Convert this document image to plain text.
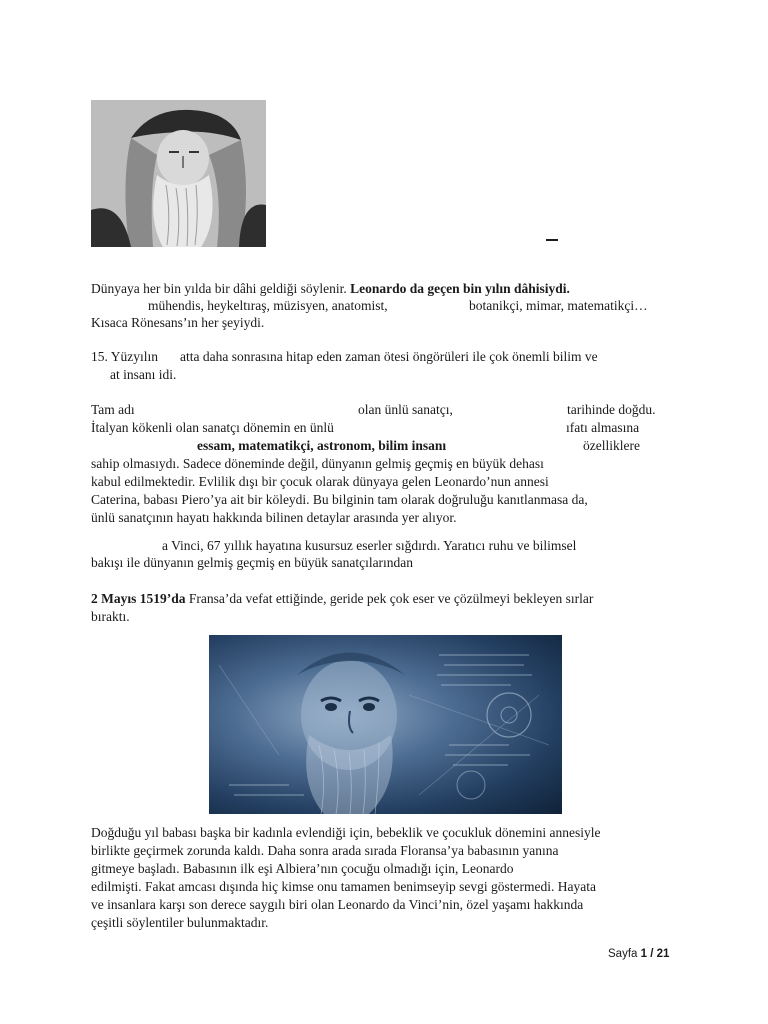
Dünyaya her bin yılda bir dâhi geldiği söylenir. Leonardo da geçen bin yılın dâhisiydi.
mühendis, heykeltıraş, müzisyen, anatomist,	botanikçi, mimar, matematikçi…
Kısaca Rönesans’ın her şeyiydi.
15. Yüzyılın atta daha sonrasına hitap eden zaman ötesi öngörüleri ile çok önemli bilim ve
at insanı idi.
Tam adı	olan ünlü sanatçı,	tarihinde doğdu.
İtalyan kökenli olan sanatçı dönemin en ünlü	ıfatı almasına
essam, matematikçi, astronom, bilim insanı	özelliklere
sahip olmasıydı. Sadece döneminde değil, dünyanın gelmiş geçmiş en büyük dehası
kabul edilmektedir. Evlilik dışı bir çocuk olarak dünyaya gelen Leonardo’nun annesi
Caterina, babası Piero’ya ait bir köleydi. Bu bilginin tam olarak doğruluğu kanıtlanmasa da,
ünlü sanatçının hayatı hakkında bilinen detaylar arasında yer alıyor.
a Vinci, 67 yıllık hayatına kusursuz eserler sığdırdı. Yaratıcı ruhu ve bilimsel
bakışı ile dünyanın gelmiş geçmiş en büyük sanatçılarından
2 Mayıs 1519’da Fransa’da vefat ettiğinde, geride pek çok eser ve çözülmeyi bekleyen sırlar
bıraktı.
Doğduğu yıl babası başka bir kadınla evlendiği için, bebeklik ve çocukluk dönemini annesiyle
birlikte geçirmek zorunda kaldı. Daha sonra arada sırada Floransa’ya babasının yanına
gitmeye başladı. Babasının ilk eşi Albiera’nın çocuğu olmadığı için, Leonardo
edilmişti. Fakat amcası dışında hiç kimse onu tamamen benimseyip sevgi göstermedi. Hayata
ve insanlara karşı son derece saygılı biri olan Leonardo da Vinci’nin, özel yaşamı hakkında
çeşitli söylentiler bulunmaktadır.
Sayfa 1 / 21
